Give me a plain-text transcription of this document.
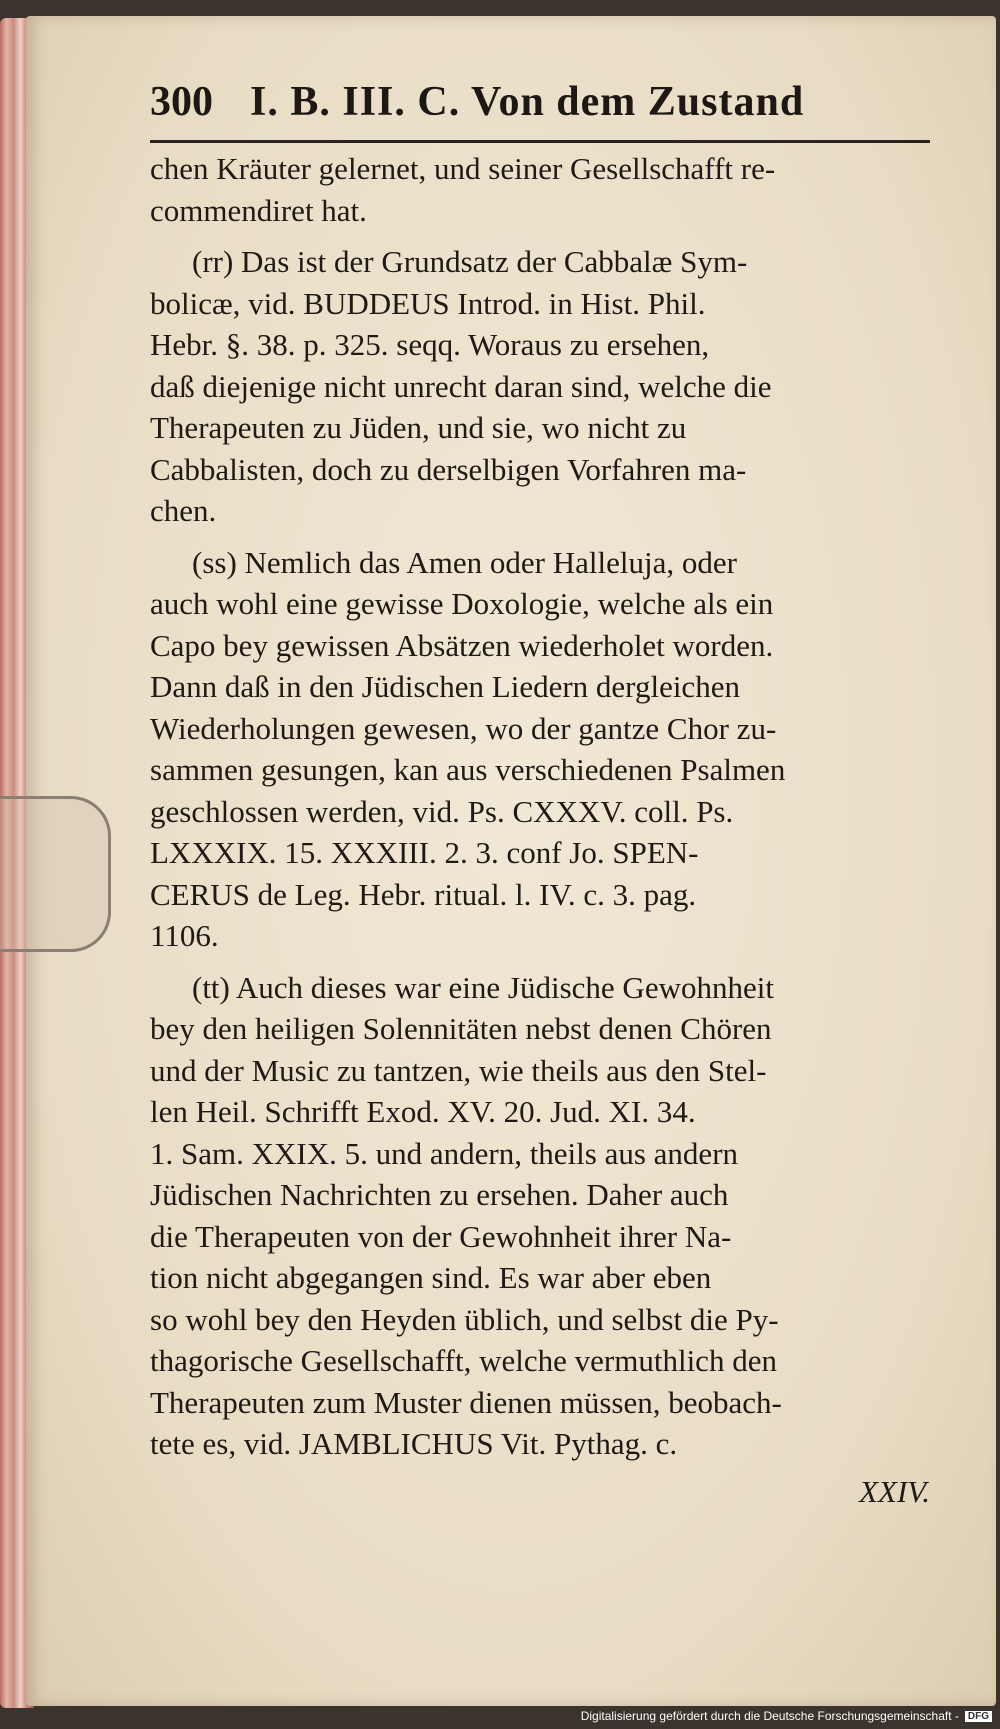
300 I. B. III. C. Von dem Zustand
chen Kräuter gelernet, und seiner Gesellschafft re-
commendiret hat.
(rr) Das ist der Grundsatz der Cabbalæ Sym-
bolicæ, vid. BUDDEUS Introd. in Hist. Phil.
Hebr. §. 38. p. 325. seqq. Woraus zu ersehen,
daß diejenige nicht unrecht daran sind, welche die
Therapeuten zu Jüden, und sie, wo nicht zu
Cabbalisten, doch zu derselbigen Vorfahren ma-
chen.
(ss) Nemlich das Amen oder Halleluja, oder
auch wohl eine gewisse Doxologie, welche als ein
Capo bey gewissen Absätzen wiederholet worden.
Dann daß in den Jüdischen Liedern dergleichen
Wiederholungen gewesen, wo der gantze Chor zu-
sammen gesungen, kan aus verschiedenen Psalmen
geschlossen werden, vid. Ps. CXXXV. coll. Ps.
LXXXIX. 15. XXXIII. 2. 3. conf Jo. SPEN-
CERUS de Leg. Hebr. ritual. l. IV. c. 3. pag.
1106.
(tt) Auch dieses war eine Jüdische Gewohnheit
bey den heiligen Solennitäten nebst denen Chören
und der Music zu tantzen, wie theils aus den Stel-
len Heil. Schrifft Exod. XV. 20. Jud. XI. 34.
1. Sam. XXIX. 5. und andern, theils aus andern
Jüdischen Nachrichten zu ersehen. Daher auch
die Therapeuten von der Gewohnheit ihrer Na-
tion nicht abgegangen sind. Es war aber eben
so wohl bey den Heyden üblich, und selbst die Py-
thagorische Gesellschafft, welche vermuthlich den
Therapeuten zum Muster dienen müssen, beobach-
tete es, vid. JAMBLICHUS Vit. Pythag. c.
XXIV.
Digitalisierung gefördert durch die Deutsche Forschungsgemeinschaft - DFG
